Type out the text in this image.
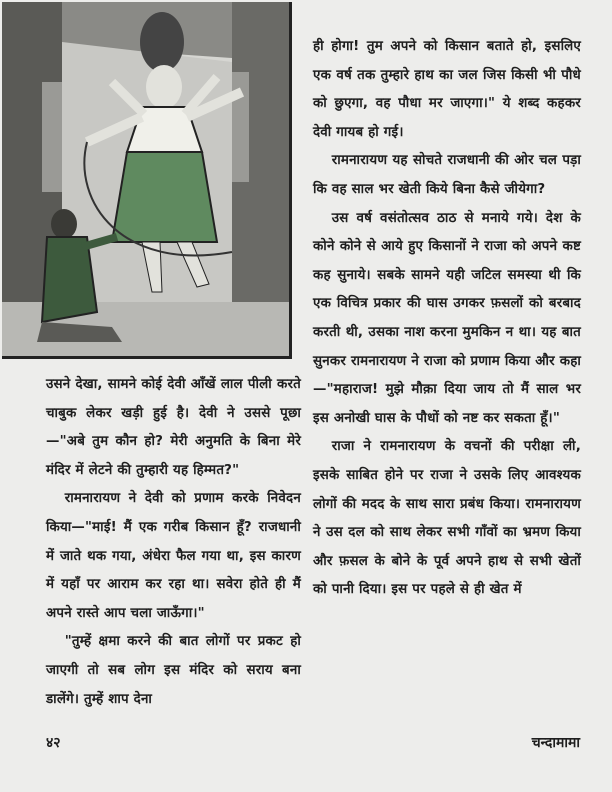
उसने देखा, सामने कोई देवी आँखें लाल पीली करते चाबुक लेकर खड़ी हुई है। देवी ने उससे पूछा—"अबे तुम कौन हो? मेरी अनुमति के बिना मेरे मंदिर में लेटने की तुम्हारी यह हिम्मत?"

रामनारायण ने देवी को प्रणाम करके निवेदन किया—"माई! मैं एक गरीब किसान हूँ? राजधानी में जाते थक गया, अंधेरा फैल गया था, इस कारण में यहाँ पर आराम कर रहा था। सवेरा होते ही मैं अपने रास्ते आप चला जाऊँगा।"

"तुम्हें क्षमा करने की बात लोगों पर प्रकट हो जाएगी तो सब लोग इस मंदिर को सराय बना डालेंगे। तुम्हें शाप देना

ही होगा! तुम अपने को किसान बताते हो, इसलिए एक वर्ष तक तुम्हारे हाथ का जल जिस किसी भी पौधे को छुएगा, वह पौधा मर जाएगा।" ये शब्द कहकर देवी गायब हो गई।

रामनारायण यह सोचते राजधानी की ओर चल पड़ा कि वह साल भर खेती किये बिना कैसे जीयेगा?

उस वर्ष वसंतोत्सव ठाठ से मनाये गये। देश के कोने कोने से आये हुए किसानों ने राजा को अपने कष्ट कह सुनाये। सबके सामने यही जटिल समस्या थी कि एक विचित्र प्रकार की घास उगकर फ़सलों को बरबाद करती थी, उसका नाश करना मुमकिन न था। यह बात सुनकर रामनारायण ने राजा को प्रणाम किया और कहा—"महाराज! मुझे मौक़ा दिया जाय तो मैं साल भर इस अनोखी घास के पौधों को नष्ट कर सकता हूँ।"

राजा ने रामनारायण के वचनों की परीक्षा ली, इसके साबित होने पर राजा ने उसके लिए आवश्यक लोगों की मदद के साथ सारा प्रबंध किया। रामनारायण ने उस दल को साथ लेकर सभी गाँवों का भ्रमण किया और फ़सल के बोने के पूर्व अपने हाथ से सभी खेतों को पानी दिया। इस पर पहले से ही खेत में

४२	चन्दामामा
